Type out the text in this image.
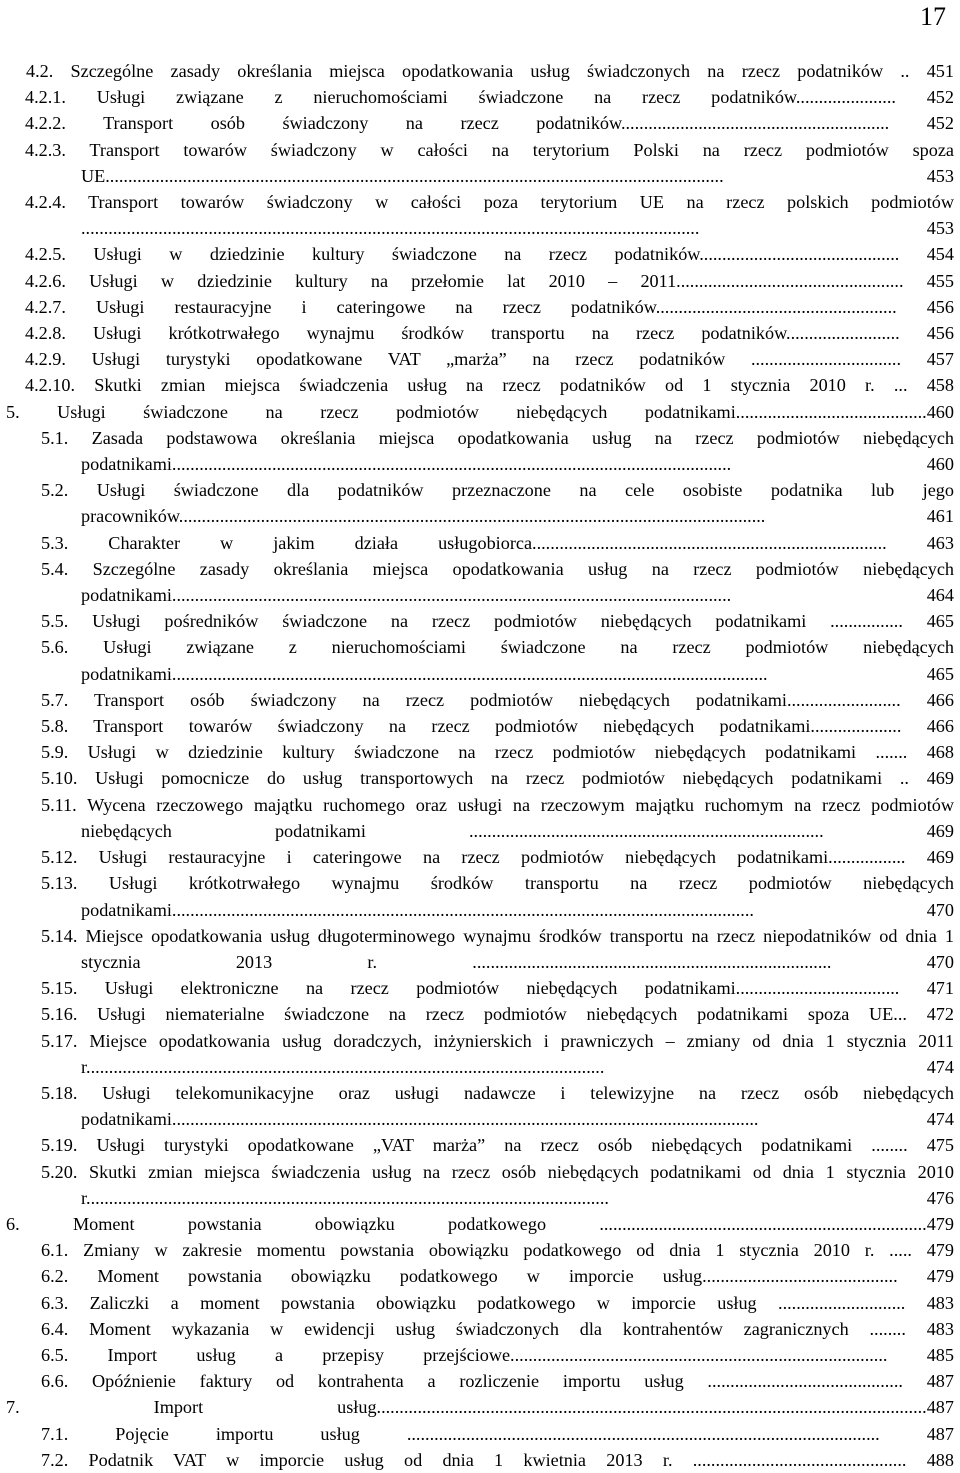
17
4.2. Szczególne zasady określania miejsca opodatkowania usług świadczonych na rzecz podatników .. 451
4.2.1. Usługi związane z nieruchomościami świadczone na rzecz podatników...................... 452
4.2.2. Transport osób świadczony na rzecz podatników........................................................... 452
4.2.3. Transport towarów świadczony w całości na terytorium Polski na rzecz podmiotów spoza UE........................................................................................................................................ 453
4.2.4. Transport towarów świadczony w całości poza terytorium UE na rzecz polskich podmiotów ........................................................................................................................................ 453
4.2.5. Usługi w dziedzinie kultury świadczone na rzecz podatników............................................ 454
4.2.6. Usługi w dziedzinie kultury na przełomie lat 2010 – 2011.................................................. 455
4.2.7. Usługi restauracyjne i cateringowe na rzecz podatników..................................................... 456
4.2.8. Usługi krótkotrwałego wynajmu środków transportu na rzecz podatników......................... 456
4.2.9. Usługi turystyki opodatkowane VAT „marża” na rzecz podatników ................................. 457
4.2.10. Skutki zmian miejsca świadczenia usług na rzecz podatników od 1 stycznia 2010 r. ... 458
5. Usługi świadczone na rzecz podmiotów niebędących podatnikami..........................................460
5.1. Zasada podstawowa określania miejsca opodatkowania usług na rzecz podmiotów niebędących podatnikami........................................................................................................................... 460
5.2. Usługi świadczone dla podatników przeznaczone na cele osobiste podatnika lub jego pracowników................................................................................................................................. 461
5.3. Charakter w jakim działa usługobiorca.............................................................................. 463
5.4. Szczególne zasady określania miejsca opodatkowania usług na rzecz podmiotów niebędących podatnikami........................................................................................................................... 464
5.5. Usługi pośredników świadczone na rzecz podmiotów niebędących podatnikami ................ 465
5.6. Usługi związane z nieruchomościami świadczone na rzecz podmiotów niebędących podatnikami................................................................................................................................... 465
5.7. Transport osób świadczony na rzecz podmiotów niebędących podatnikami......................... 466
5.8. Transport towarów świadczony na rzecz podmiotów niebędących podatnikami.................... 466
5.9. Usługi w dziedzinie kultury świadczone na rzecz podmiotów niebędących podatnikami ....... 468
5.10. Usługi pomocnicze do usług transportowych na rzecz podmiotów niebędących podatnikami .. 469
5.11. Wycena rzeczowego majątku ruchomego oraz usługi na rzeczowym majątku ruchomym na rzecz podmiotów niebędących podatnikami .............................................................................. 469
5.12. Usługi restauracyjne i cateringowe na rzecz podmiotów niebędących podatnikami................. 469
5.13. Usługi krótkotrwałego wynajmu środków transportu na rzecz podmiotów niebędących podatnikami................................................................................................................................ 470
5.14. Miejsce opodatkowania usług długoterminowego wynajmu środków transportu na rzecz niepodatników od dnia 1 stycznia 2013 r. ............................................................................... 470
5.15. Usługi elektroniczne na rzecz podmiotów niebędących podatnikami.................................... 471
5.16. Usługi niematerialne świadczone na rzecz podmiotów niebędących podatnikami spoza UE... 472
5.17. Miejsce opodatkowania usług doradczych, inżynierskich i prawniczych – zmiany od dnia 1 stycznia 2011 r.................................................................................................................. 474
5.18. Usługi telekomunikacyjne oraz usługi nadawcze i telewizyjne na rzecz osób niebędących podatnikami................................................................................................................................. 474
5.19. Usługi turystyki opodatkowane „VAT marża” na rzecz osób niebędących podatnikami ........ 475
5.20. Skutki zmian miejsca świadczenia usług na rzecz osób niebędących podatnikami od dnia 1 stycznia 2010 r................................................................................................................... 476
6. Moment powstania obowiązku podatkowego ........................................................................479
6.1. Zmiany w zakresie momentu powstania obowiązku podatkowego od dnia 1 stycznia 2010 r. ..... 479
6.2. Moment powstania obowiązku podatkowego w imporcie usług........................................... 479
6.3. Zaliczki a moment powstania obowiązku podatkowego w imporcie usług ............................ 483
6.4. Moment wykazania w ewidencji usług świadczonych dla kontrahentów zagranicznych ........ 483
6.5. Import usług a przepisy przejściowe................................................................................... 485
6.6. Opóźnienie faktury od kontrahenta a rozliczenie importu usług ........................................... 487
7. Import usług.........................................................................................................................487
7.1. Pojęcie importu usług ........................................................................................................ 487
7.2. Podatnik VAT w imporcie usług od dnia 1 kwietnia 2013 r. ............................................... 488
